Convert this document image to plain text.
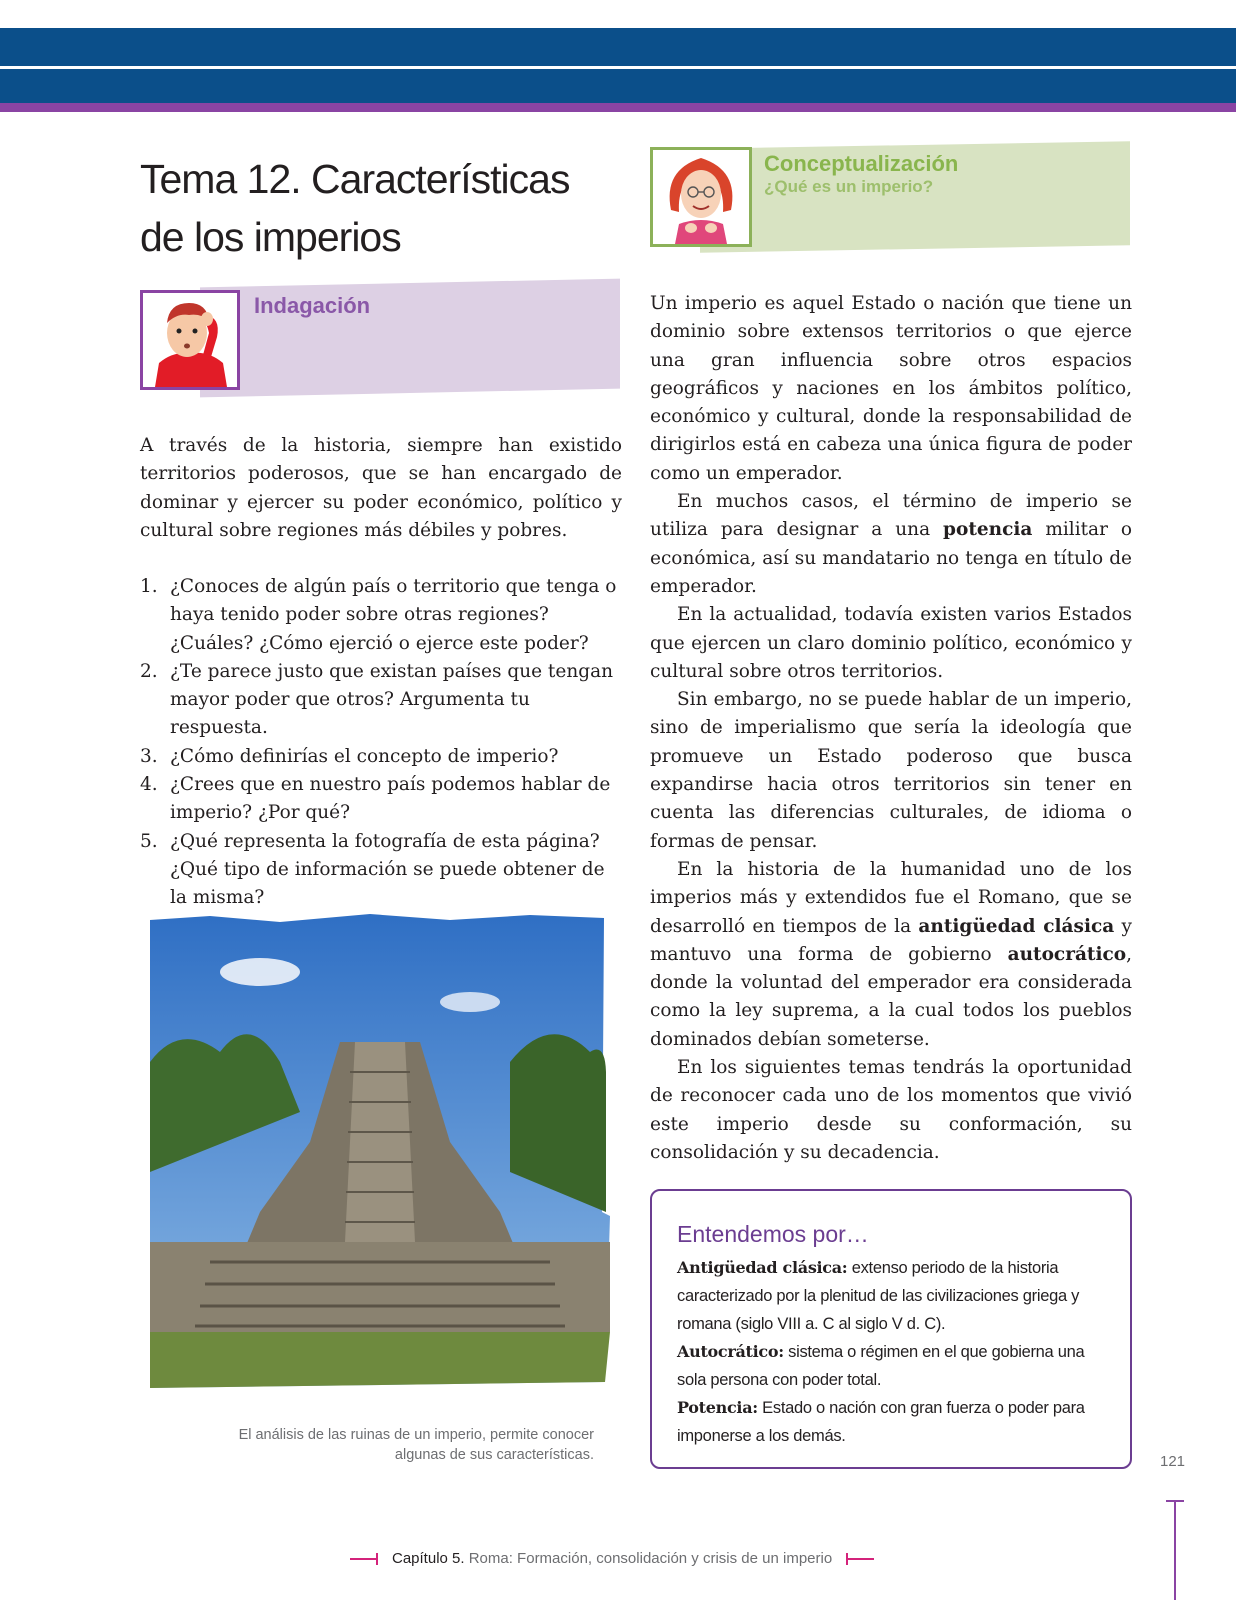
Tema 12. Características
de los imperios
Indagación
Conceptualización
¿Qué es un imperio?

A través de la historia, siempre han existido territorios poderosos, que se han encargado de dominar y ejercer su poder económico, político y cultural sobre regiones más débiles y pobres.

1. ¿Conoces de algún país o territorio que tenga o haya tenido poder sobre otras regiones? ¿Cuáles? ¿Cómo ejerció o ejerce este poder?
2. ¿Te parece justo que existan países que tengan mayor poder que otros? Argumenta tu respuesta.
3. ¿Cómo definirías el concepto de imperio?
4. ¿Crees que en nuestro país podemos hablar de imperio? ¿Por qué?
5. ¿Qué representa la fotografía de esta página? ¿Qué tipo de información se puede obtener de la misma?

Un imperio es aquel Estado o nación que tiene un dominio sobre extensos territorios o que ejerce una gran influencia sobre otros espacios geográficos y naciones en los ámbitos político, económico y cultural, donde la responsabilidad de dirigirlos está en cabeza una única figura de poder como un emperador.

En muchos casos, el término de imperio se utiliza para designar a una potencia militar o económica, así su mandatario no tenga en título de emperador.

En la actualidad, todavía existen varios Estados que ejercen un claro dominio político, económico y cultural sobre otros territorios.

Sin embargo, no se puede hablar de un imperio, sino de imperialismo que sería la ideología que promueve un Estado poderoso que busca expandirse hacia otros territorios sin tener en cuenta las diferencias culturales, de idioma o formas de pensar.

En la historia de la humanidad uno de los imperios más y extendidos fue el Romano, que se desarrolló en tiempos de la antigüedad clásica y mantuvo una forma de gobierno autocrático, donde la voluntad del emperador era considerada como la ley suprema, a la cual todos los pueblos dominados debían someterse.

En los siguientes temas tendrás la oportunidad de reconocer cada uno de los momentos que vivió este imperio desde su conformación, su consolidación y su decadencia.

El análisis de las ruinas de un imperio, permite conocer
algunas de sus características.
Entendemos por…

Antigüedad clásica: extenso periodo de la historia caracterizado por la plenitud de las civilizaciones griega y romana (siglo VIII a. C al siglo V d. C).

Autocrático: sistema o régimen en el que gobierna una sola persona con poder total.

Potencia: Estado o nación con gran fuerza o poder para imponerse a los demás.

121
Capítulo 5. Roma: Formación, consolidación y crisis de un imperio
